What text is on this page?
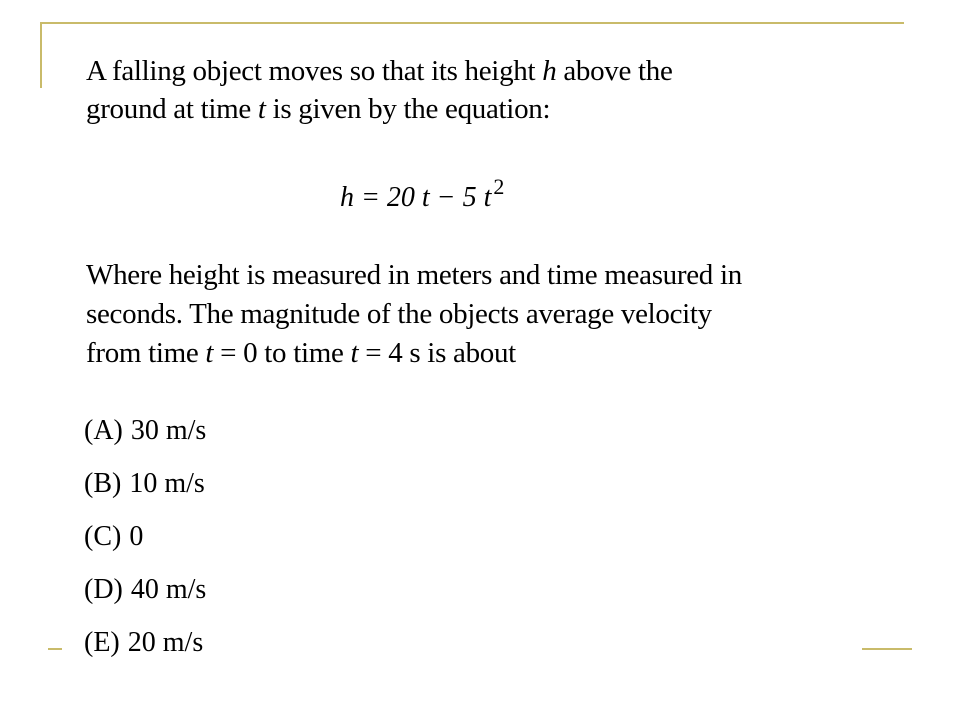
A falling object moves so that its height h above the

ground at time t is given by the equation:

h = 20 t − 5 $t^2$

Where height is measured in meters and time measured in

seconds. The magnitude of the objects average velocity

from time t = 0 to time t = 4 s is about

(A) 30 m/s
(B) 10 m/s
(C) 0
(D) 40 m/s
(E) 20 m/s
